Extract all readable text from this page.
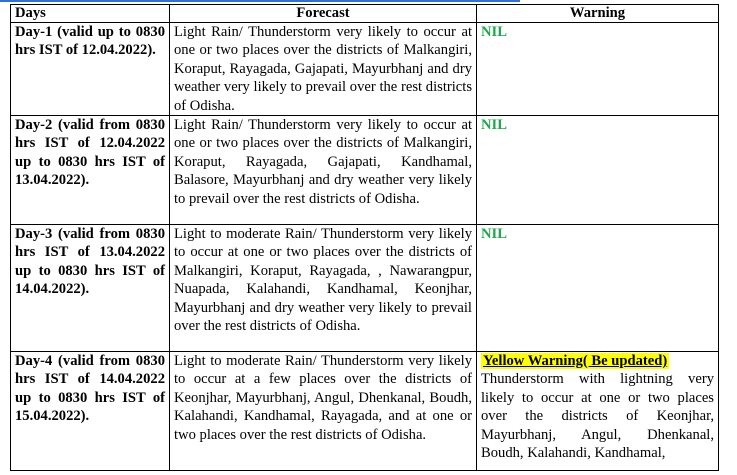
Days	Forecast	Warning
Day-1 (valid up to 0830 hrs IST of 12.04.2022).	Light Rain/ Thunderstorm very likely to occur at one or two places over the districts of Malkangiri, Koraput, Rayagada, Gajapati, Mayurbhanj and dry weather very likely to prevail over the rest districts of Odisha.	NIL

Day-2 (valid from 0830 hrs IST of 12.04.2022 up to 0830 hrs IST of 13.04.2022).	Light Rain/ Thunderstorm very likely to occur at one or two places over the districts of Malkangiri, Koraput, Rayagada, Gajapati, Kandhamal, Balasore, Mayurbhanj and dry weather very likely to prevail over the rest districts of Odisha.	NIL

Day-3 (valid from 0830 hrs IST of 13.04.2022 up to 0830 hrs IST of 14.04.2022).	Light to moderate Rain/ Thunderstorm very likely to occur at one or two places over the districts of Malkangiri, Koraput, Rayagada, , Nawarangpur, Nuapada, Kalahandi, Kandhamal, Keonjhar, Mayurbhanj and dry weather very likely to prevail over the rest districts of Odisha.	NIL

Day-4 (valid from 0830 hrs IST of 14.04.2022 up to 0830 hrs IST of 15.04.2022).	Light to moderate Rain/ Thunderstorm very likely to occur at a few places over the districts of Keonjhar, Mayurbhanj, Angul, Dhenkanal, Boudh, Kalahandi, Kandhamal, Rayagada, and at one or two places over the rest districts of Odisha.	Yellow Warning( Be updated)
Thunderstorm with lightning very likely to occur at one or two places over the districts of Keonjhar, Mayurbhanj, Angul, Dhenkanal, Boudh, Kalahandi, Kandhamal,
